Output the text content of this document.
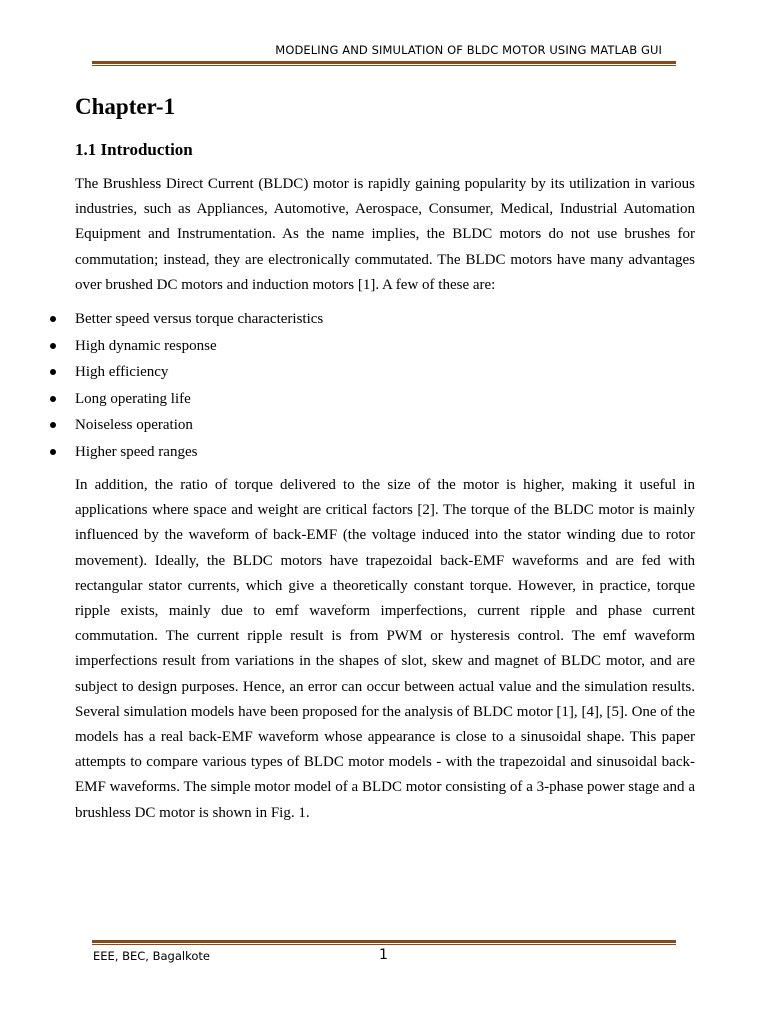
MODELING AND SIMULATION OF BLDC MOTOR USING MATLAB GUI
Chapter-1
1.1 Introduction

The Brushless Direct Current (BLDC) motor is rapidly gaining popularity by its utilization in various industries, such as Appliances, Automotive, Aerospace, Consumer, Medical, Industrial Automation Equipment and Instrumentation. As the name implies, the BLDC motors do not use brushes for commutation; instead, they are electronically commutated. The BLDC motors have many advantages over brushed DC motors and induction motors [1]. A few of these are:

Better speed versus torque characteristics
High dynamic response
High efficiency
Long operating life
Noiseless operation
Higher speed ranges

In addition, the ratio of torque delivered to the size of the motor is higher, making it useful in applications where space and weight are critical factors [2]. The torque of the BLDC motor is mainly influenced by the waveform of back-EMF (the voltage induced into the stator winding due to rotor movement). Ideally, the BLDC motors have trapezoidal back-EMF waveforms and are fed with rectangular stator currents, which give a theoretically constant torque. However, in practice, torque ripple exists, mainly due to emf waveform imperfections, current ripple and phase current commutation. The current ripple result is from PWM or hysteresis control. The emf waveform imperfections result from variations in the shapes of slot, skew and magnet of BLDC motor, and are subject to design purposes. Hence, an error can occur between actual value and the simulation results. Several simulation models have been proposed for the analysis of BLDC motor [1], [4], [5]. One of the models has a real back-EMF waveform whose appearance is close to a sinusoidal shape. This paper attempts to compare various types of BLDC motor models - with the trapezoidal and sinusoidal back-EMF waveforms. The simple motor model of a BLDC motor consisting of a 3-phase power stage and a brushless DC motor is shown in Fig. 1.

EEE, BEC, Bagalkote	1
